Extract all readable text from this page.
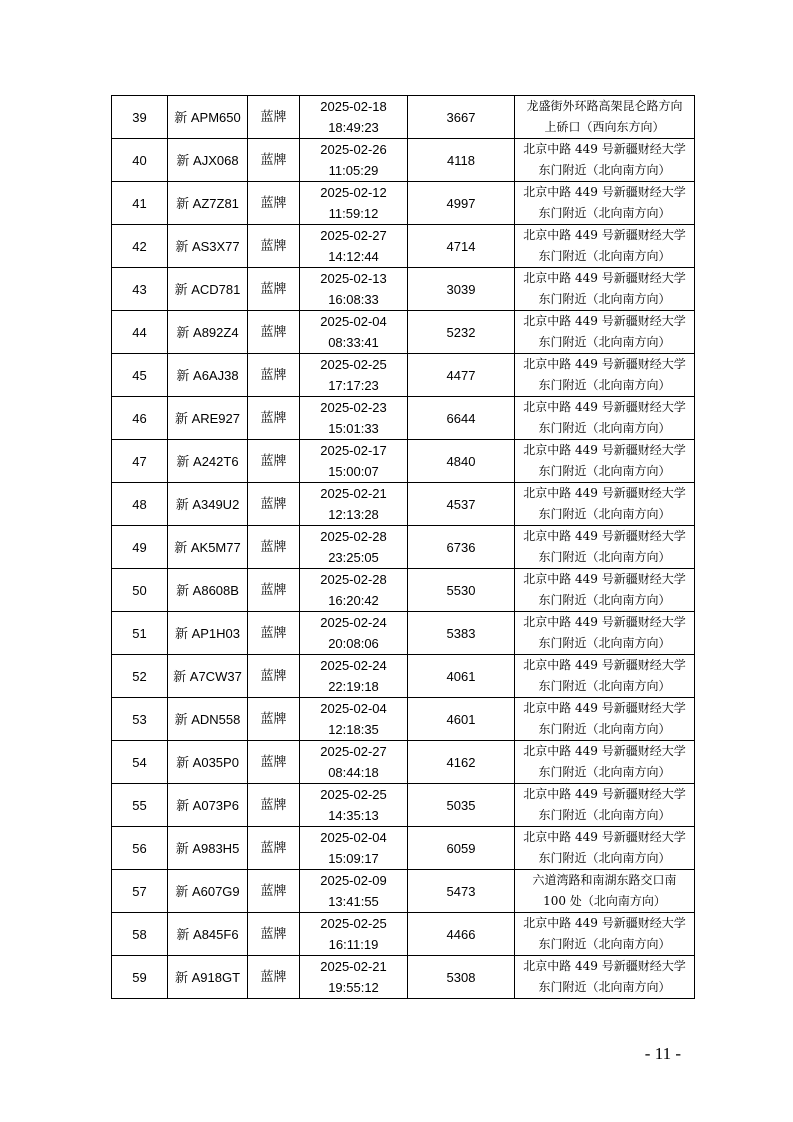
39	新 APM650	蓝牌	2025-02-18
18:49:23	3667	龙盛街外环路高架昆仑路方向
上硚口（西向东方向）

40	新 AJX068	蓝牌	2025-02-26
11:05:29	4118	北京中路 449 号新疆财经大学
东门附近（北向南方向）

41	新 AZ7Z81	蓝牌	2025-02-12
11:59:12	4997	北京中路 449 号新疆财经大学
东门附近（北向南方向）

42	新 AS3X77	蓝牌	2025-02-27
14:12:44	4714	北京中路 449 号新疆财经大学
东门附近（北向南方向）

43	新 ACD781	蓝牌	2025-02-13
16:08:33	3039	北京中路 449 号新疆财经大学
东门附近（北向南方向）

44	新 A892Z4	蓝牌	2025-02-04
08:33:41	5232	北京中路 449 号新疆财经大学
东门附近（北向南方向）

45	新 A6AJ38	蓝牌	2025-02-25
17:17:23	4477	北京中路 449 号新疆财经大学
东门附近（北向南方向）

46	新 ARE927	蓝牌	2025-02-23
15:01:33	6644	北京中路 449 号新疆财经大学
东门附近（北向南方向）

47	新 A242T6	蓝牌	2025-02-17
15:00:07	4840	北京中路 449 号新疆财经大学
东门附近（北向南方向）

48	新 A349U2	蓝牌	2025-02-21
12:13:28	4537	北京中路 449 号新疆财经大学
东门附近（北向南方向）

49	新 AK5M77	蓝牌	2025-02-28
23:25:05	6736	北京中路 449 号新疆财经大学
东门附近（北向南方向）

50	新 A8608B	蓝牌	2025-02-28
16:20:42	5530	北京中路 449 号新疆财经大学
东门附近（北向南方向）

51	新 AP1H03	蓝牌	2025-02-24
20:08:06	5383	北京中路 449 号新疆财经大学
东门附近（北向南方向）

52	新 A7CW37	蓝牌	2025-02-24
22:19:18	4061	北京中路 449 号新疆财经大学
东门附近（北向南方向）

53	新 ADN558	蓝牌	2025-02-04
12:18:35	4601	北京中路 449 号新疆财经大学
东门附近（北向南方向）

54	新 A035P0	蓝牌	2025-02-27
08:44:18	4162	北京中路 449 号新疆财经大学
东门附近（北向南方向）

55	新 A073P6	蓝牌	2025-02-25
14:35:13	5035	北京中路 449 号新疆财经大学
东门附近（北向南方向）

56	新 A983H5	蓝牌	2025-02-04
15:09:17	6059	北京中路 449 号新疆财经大学
东门附近（北向南方向）

57	新 A607G9	蓝牌	2025-02-09
13:41:55	5473	六道湾路和南湖东路交口南
100 处（北向南方向）

58	新 A845F6	蓝牌	2025-02-25
16:11:19	4466	北京中路 449 号新疆财经大学
东门附近（北向南方向）

59	新 A918GT	蓝牌	2025-02-21
19:55:12	5308	北京中路 449 号新疆财经大学
东门附近（北向南方向）
- 11 -
